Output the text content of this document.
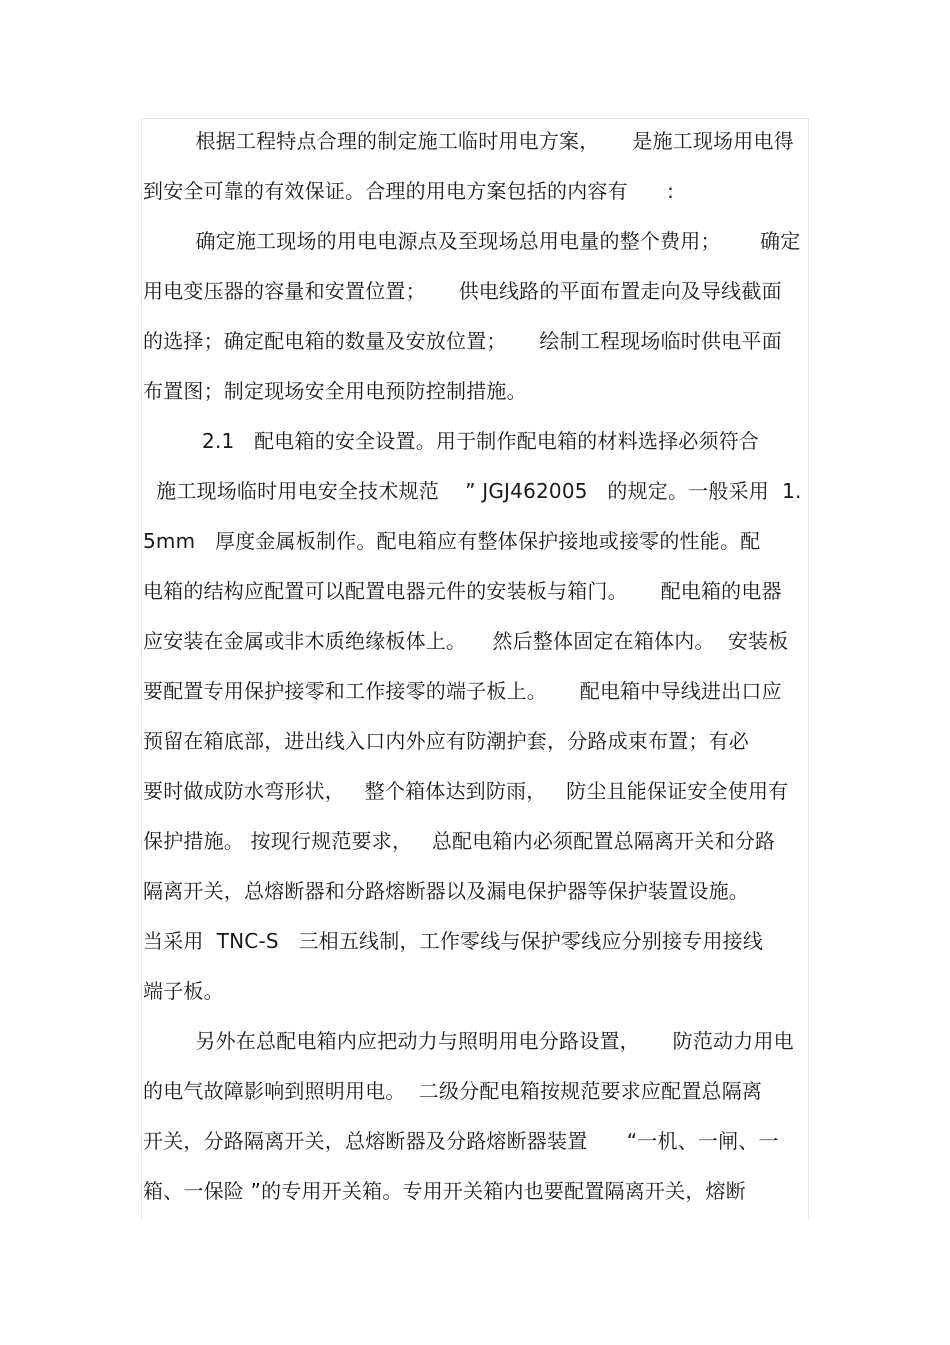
根据工程特点合理的制定施工临时用电方案，     是施工现场用电得
到安全可靠的有效保证。合理的用电方案包括的内容有      :
确定施工现场的用电电源点及至现场总用电量的整个费用；      确定
用电变压器的容量和安置位置；     供电线路的平面布置走向及导线截面
的选择；确定配电箱的数量及安放位置；     绘制工程现场临时供电平面
布置图；制定现场安全用电预防控制措施。
2.1   配电箱的安全设置。用于制作配电箱的材料选择必须符合
施工现场临时用电安全技术规范    ” JGJ462005   的规定。一般采用  1.
5mm   厚度金属板制作。配电箱应有整体保护接地或接零的性能。配
电箱的结构应配置可以配置电器元件的安装板与箱门。     配电箱的电器
应安装在金属或非木质绝缘板体上。    然后整体固定在箱体内。  安装板
要配置专用保护接零和工作接零的端子板上。     配电箱中导线进出口应
预留在箱底部，进出线入口内外应有防潮护套，分路成束布置；有必
要时做成防水弯形状，   整个箱体达到防雨，   防尘且能保证安全使用有
保护措施。 按现行规范要求，   总配电箱内必须配置总隔离开关和分路
隔离开关，总熔断器和分路熔断器以及漏电保护器等保护装置设施。
当采用  TNC-S   三相五线制，工作零线与保护零线应分别接专用接线
端子板。
另外在总配电箱内应把动力与照明用电分路设置，     防范动力用电
的电气故障影响到照明用电。  二级分配电箱按规范要求应配置总隔离
开关，分路隔离开关，总熔断器及分路熔断器装置      “一机、一闸、一
箱、一保险 ”的专用开关箱。专用开关箱内也要配置隔离开关，熔断
